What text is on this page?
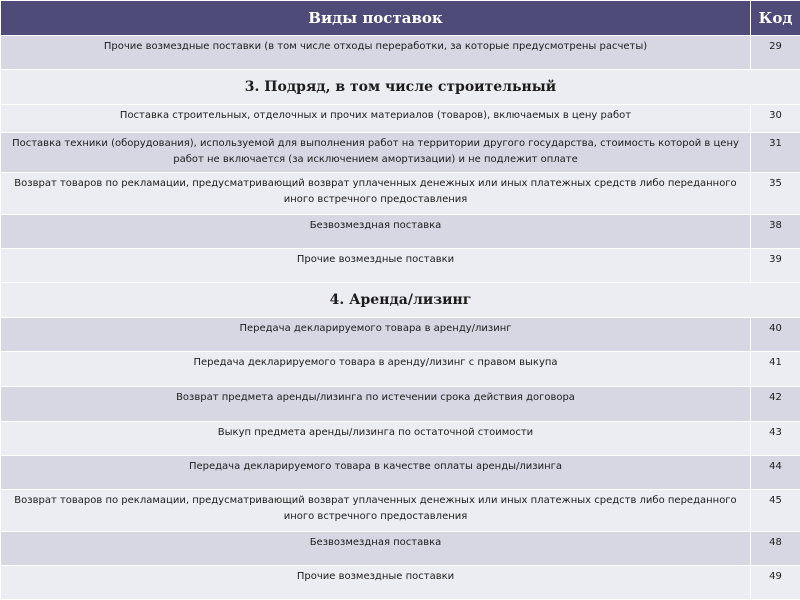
Виды поставок	Код
Прочие возмездные поставки (в том числе отходы переработки, за которые предусмотрены расчеты)	29
3. Подряд, в том числе строительный	
Поставка строительных, отделочных и прочих материалов (товаров), включаемых в цену работ	30
Поставка техники (оборудования), используемой для выполнения работ на территории другого государства, стоимость которой в цену работ не включается (за исключением амортизации) и не подлежит оплате	31
Возврат товаров по рекламации, предусматривающий возврат уплаченных денежных или иных платежных средств либо переданного иного встречного предоставления	35
Безвозмездная поставка	38
Прочие возмездные поставки	39
4. Аренда/лизинг	
Передача декларируемого товара в аренду/лизинг	40
Передача декларируемого товара в аренду/лизинг с правом выкупа	41
Возврат предмета аренды/лизинга по истечении срока действия договора	42
Выкуп предмета аренды/лизинга по остаточной стоимости	43
Передача декларируемого товара в качестве оплаты аренды/лизинга	44
Возврат товаров по рекламации, предусматривающий возврат уплаченных денежных или иных платежных средств либо переданного иного встречного предоставления	45
Безвозмездная поставка	48
Прочие возмездные поставки	49
